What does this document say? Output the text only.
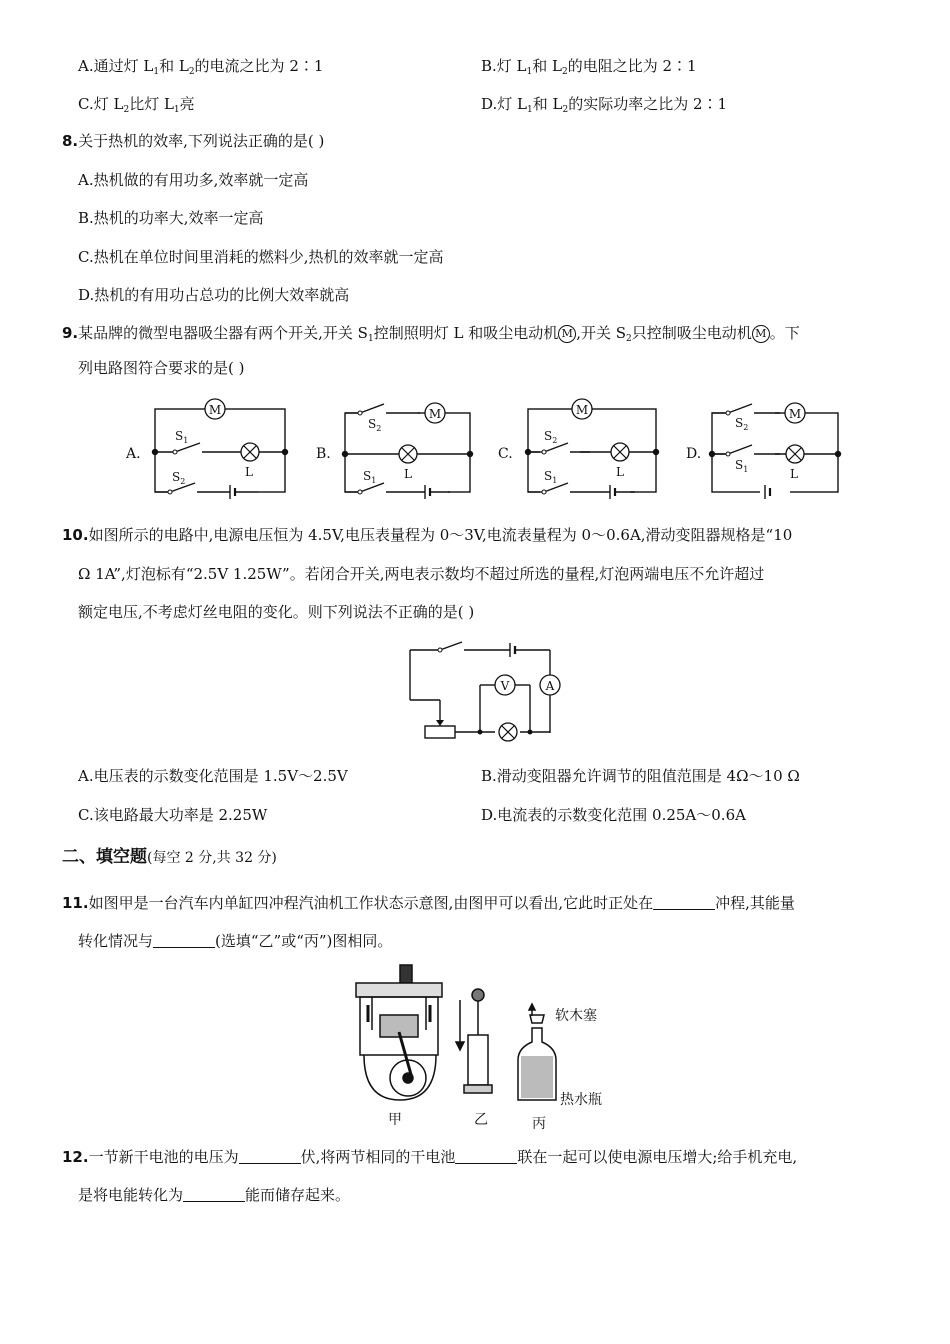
A.通过灯 $L_1$和 $L_2$的电流之比为 2∶1	B.灯 $L_1$和 $L_2$的电阻之比为 2∶1
C.灯 $L_2$比灯 $L_1$亮	D.灯 $L_1$和 $L_2$的实际功率之比为 2∶1
8.关于热机的效率,下列说法正确的是( )
A.热机做的有用功多,效率就一定高
B.热机的功率大,效率一定高
C.热机在单位时间里消耗的燃料少,热机的效率就一定高
D.热机的有用功占总功的比例大效率就高
9.某品牌的微型电器吸尘器有两个开关,开关 $S_1$控制照明灯 L 和吸尘电动机 M ,开关 $S_2$只控制吸尘电动机 M 。下
列电路图符合要求的是( )
A.	B.	C.	D.
M	M	M	M
$S_1$
$S_2$
L
$S_2$
$S_1$ L
$S_2$
$S_1$
L
$S_2$
$S_1$	L
10.如图所示的电路中,电源电压恒为 4.5V,电压表量程为 0～3V,电流表量程为 0～0.6A,滑动变阻器规格是“10
Ω 1A”,灯泡标有“2.5V 1.25W”。若闭合开关,两电表示数均不超过所选的量程,灯泡两端电压不允许超过
额定电压,不考虑灯丝电阻的变化。则下列说法不正确的是( )
V	A
A.电压表的示数变化范围是 1.5V～2.5V	B.滑动变阻器允许调节的阻值范围是 4Ω～10 Ω
C.该电路最大功率是 2.25W	D.电流表的示数变化范围 0.25A～0.6A
二、填空题(每空 2 分,共 32 分)
11.如图甲是一台汽车内单缸四冲程汽油机工作状态示意图,由图甲可以看出,它此时正处在	冲程,其能量
转化情况与	(选填“乙”或“丙”)图相同。
甲	乙	丙
软木塞
热水瓶
12.一节新干电池的电压为	伏,将两节相同的干电池	联在一起可以使电源电压增大;给手机充电,
是将电能转化为	能而储存起来。
